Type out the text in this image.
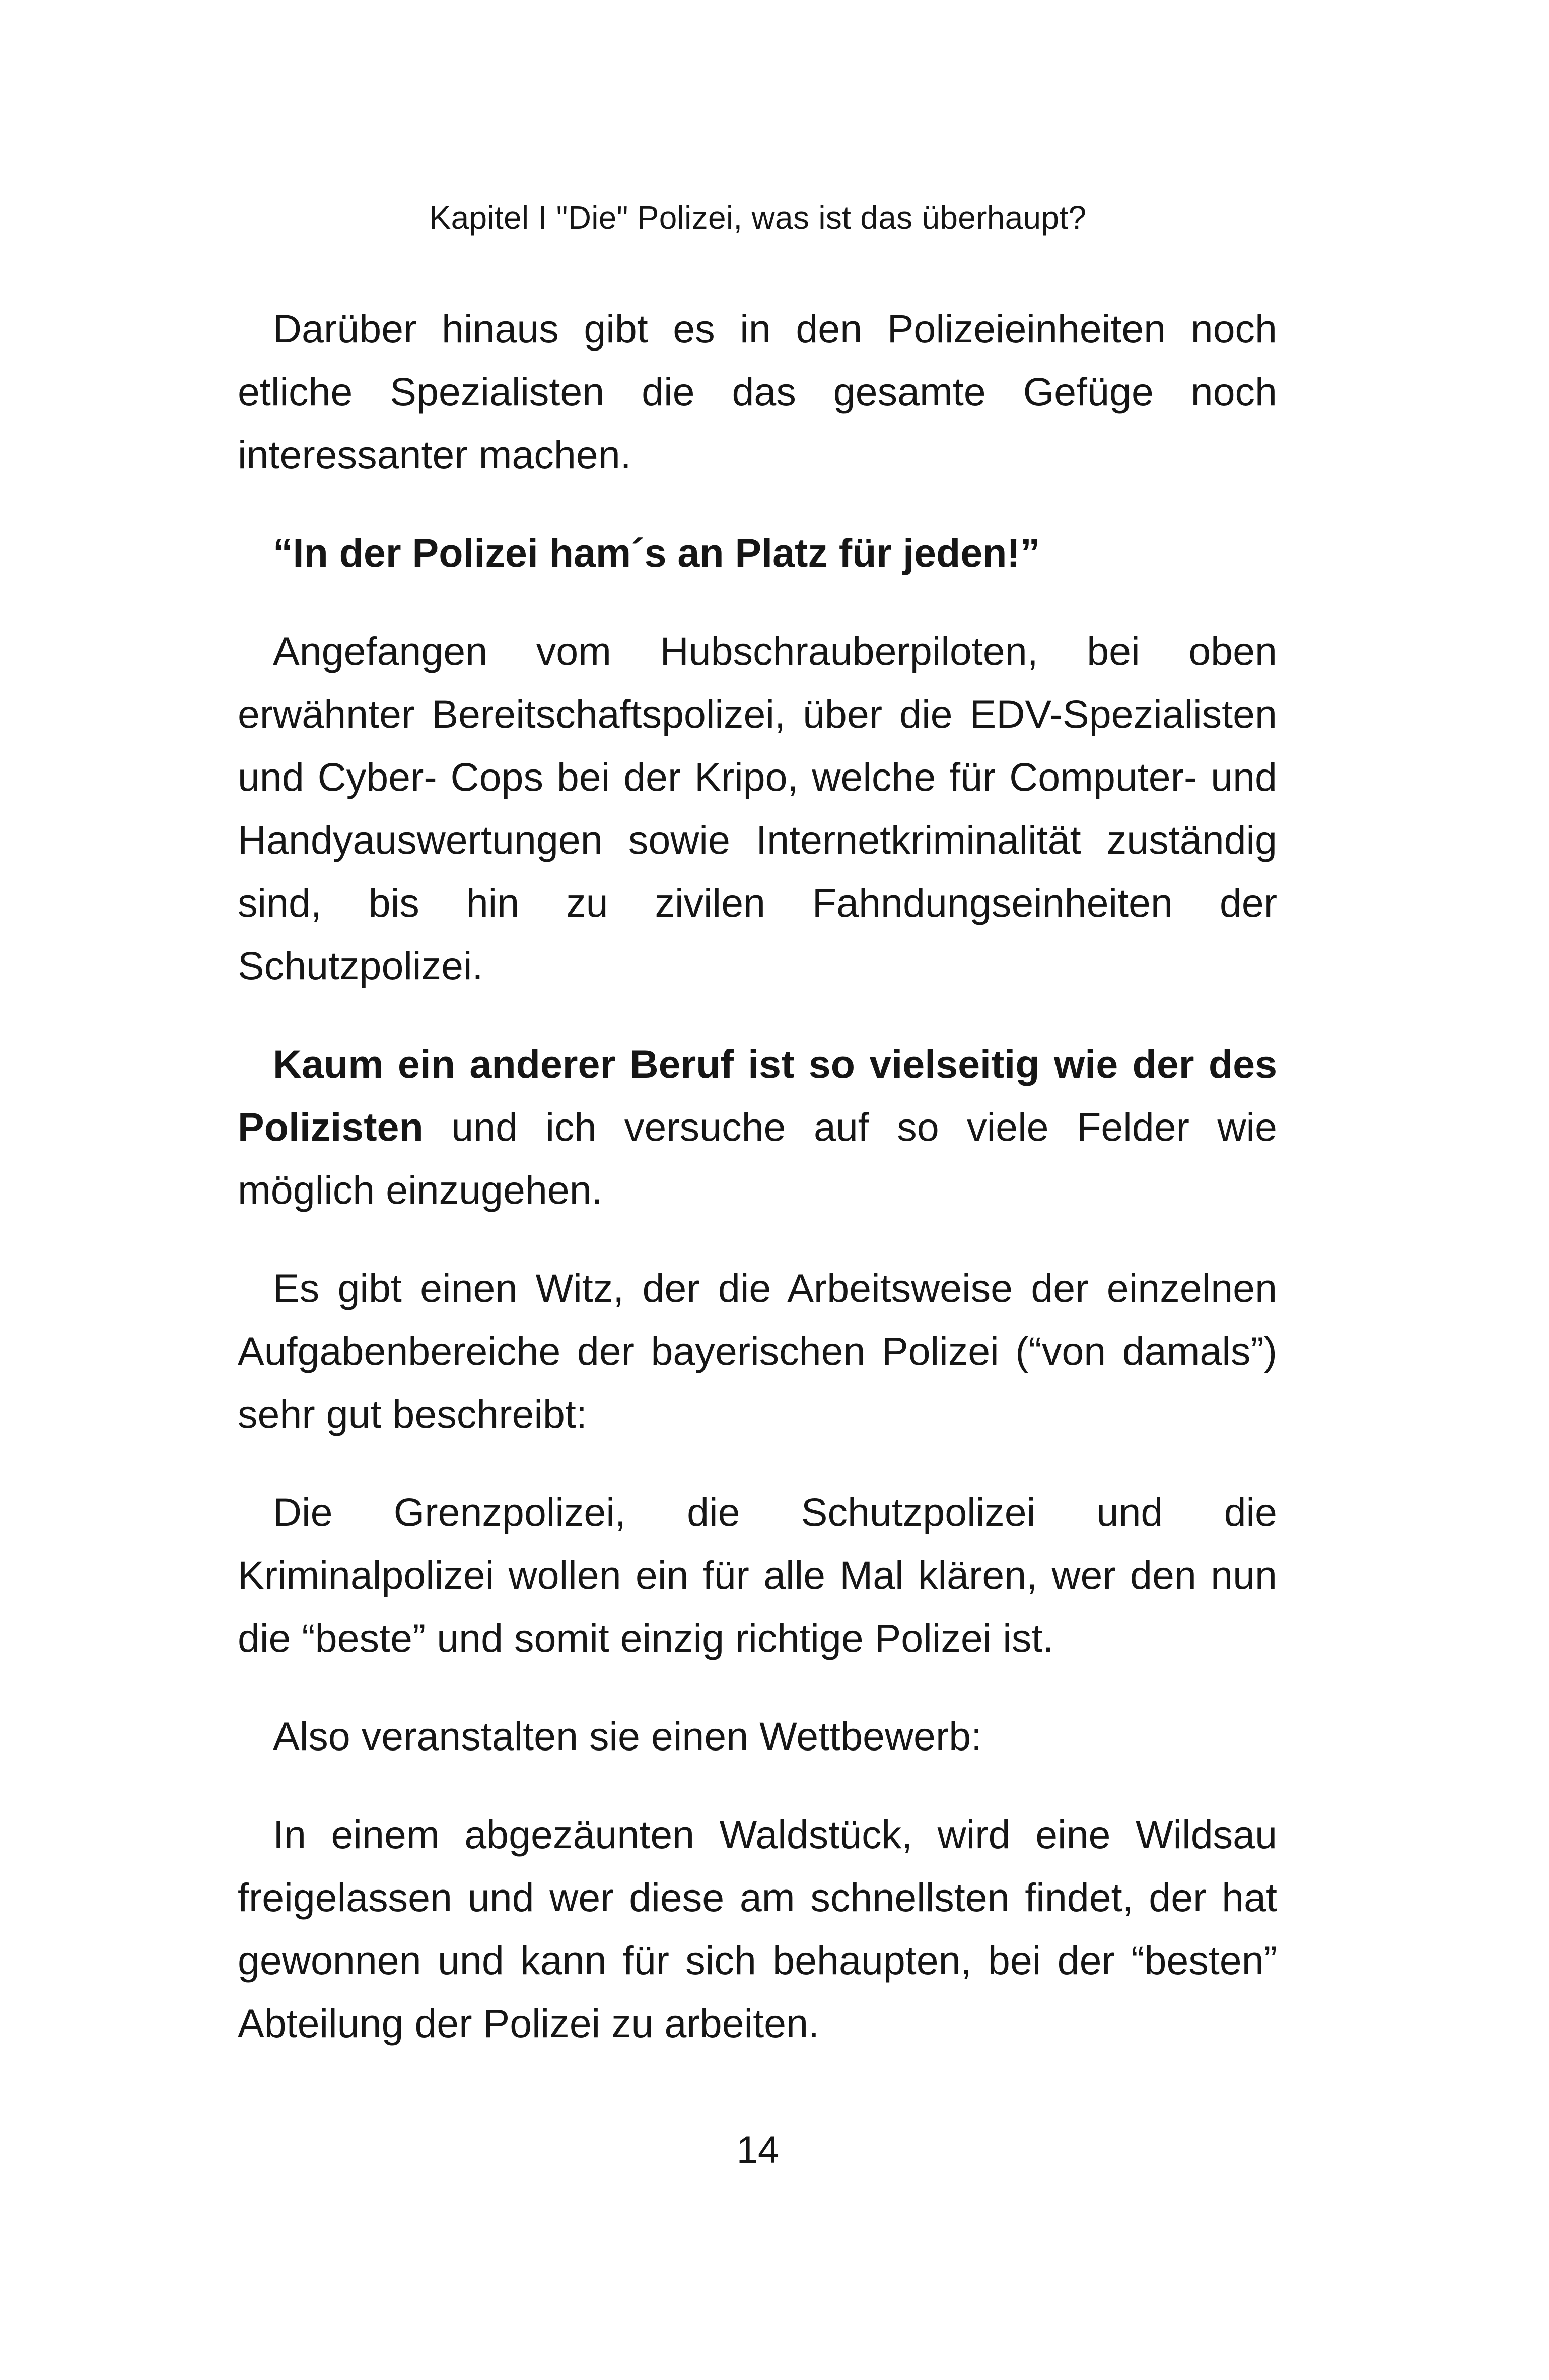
Kapitel I "Die" Polizei, was ist das überhaupt?

Darüber hinaus gibt es in den Polizeieinheiten noch etliche Spezialisten die das gesamte Gefüge noch interessanter machen.

“In der Polizei ham´s an Platz für jeden!”

Angefangen vom Hubschrauberpiloten, bei oben erwähnter Bereitschaftspolizei, über die EDV-Spezialisten und Cyber- Cops bei der Kripo, welche für Computer- und Handyauswertungen sowie Internetkriminalität zuständig sind, bis hin zu zivilen Fahndungseinheiten der Schutzpolizei.

Kaum ein anderer Beruf ist so vielseitig wie der des Polizisten und ich versuche auf so viele Felder wie möglich einzugehen.

Es gibt einen Witz, der die Arbeitsweise der einzelnen Aufgabenbereiche der bayerischen Polizei (“von damals”) sehr gut beschreibt:

Die Grenzpolizei, die Schutzpolizei und die Kriminalpolizei wollen ein für alle Mal klären, wer den nun die “beste” und somit einzig richtige Polizei ist.

Also veranstalten sie einen Wettbewerb:

In einem abgezäunten Waldstück, wird eine Wildsau freigelassen und wer diese am schnellsten findet, der hat gewonnen und kann für sich behaupten, bei der “besten” Abteilung der Polizei zu arbeiten.

14
